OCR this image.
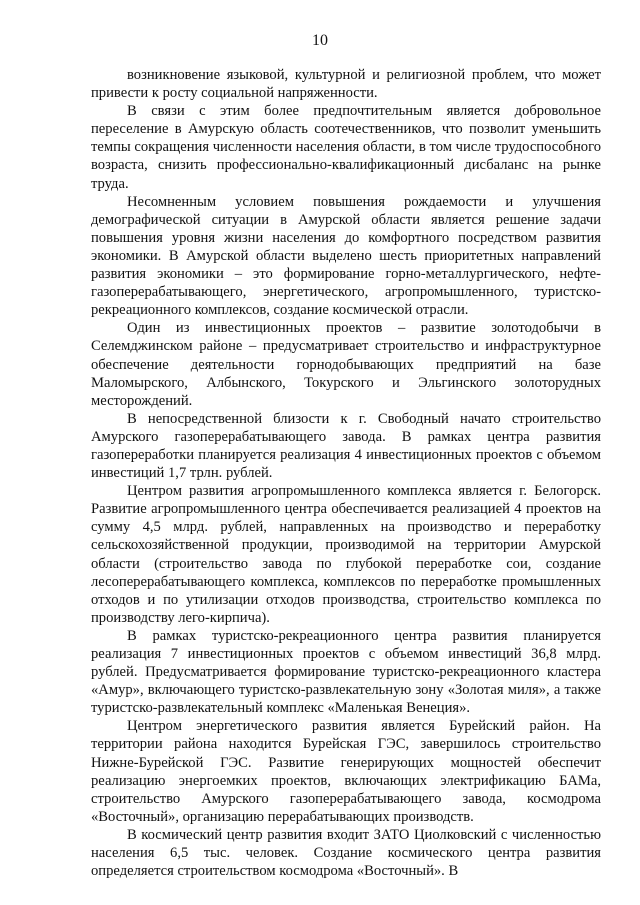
10

возникновение языковой, культурной и религиозной проблем, что может привести к росту социальной напряженности.

В связи с этим более предпочтительным является добровольное переселение в Амурскую область соотечественников, что позволит уменьшить темпы сокращения численности населения области, в том числе трудоспособного возраста, снизить профессионально-квалификационный дисбаланс на рынке труда.

Несомненным условием повышения рождаемости и улучшения демографической ситуации в Амурской области является решение задачи повышения уровня жизни населения до комфортного посредством развития экономики. В Амурской области выделено шесть приоритетных направлений развития экономики – это формирование горно-металлургического, нефте-газоперерабатывающего, энергетического, агропромышленного, туристско-рекреационного комплексов, создание космической отрасли.

Один из инвестиционных проектов – развитие золотодобычи в Селемджинском районе – предусматривает строительство и инфраструктурное обеспечение деятельности горнодобывающих предприятий на базе Маломырского, Албынского, Токурского и Эльгинского золоторудных месторождений.

В непосредственной близости к г. Свободный начато строительство Амурского газоперерабатывающего завода. В рамках центра развития газопереработки планируется реализация 4 инвестиционных проектов с объемом инвестиций 1,7 трлн. рублей.

Центром развития агропромышленного комплекса является г. Белогорск. Развитие агропромышленного центра обеспечивается реализацией 4 проектов на сумму 4,5 млрд. рублей, направленных на производство и переработку сельскохозяйственной продукции, производимой на территории Амурской области (строительство завода по глубокой переработке сои, создание лесоперерабатывающего комплекса, комплексов по переработке промышленных отходов и по утилизации отходов производства, строительство комплекса по производству лего-кирпича).

В рамках туристско-рекреационного центра развития планируется реализация 7 инвестиционных проектов с объемом инвестиций 36,8 млрд. рублей. Предусматривается формирование туристско-рекреационного кластера «Амур», включающего туристско-развлекательную зону «Золотая миля», а также туристско-развлекательный комплекс «Маленькая Венеция».

Центром энергетического развития является Бурейский район. На территории района находится Бурейская ГЭС, завершилось строительство Нижне-Бурейской ГЭС. Развитие генерирующих мощностей обеспечит реализацию энергоемких проектов, включающих электрификацию БАМа, строительство Амурского газоперерабатывающего завода, космодрома «Восточный», организацию перерабатывающих производств.

В космический центр развития входит ЗАТО Циолковский с численностью населения 6,5 тыс. человек. Создание космического центра развития определяется строительством космодрома «Восточный». В
